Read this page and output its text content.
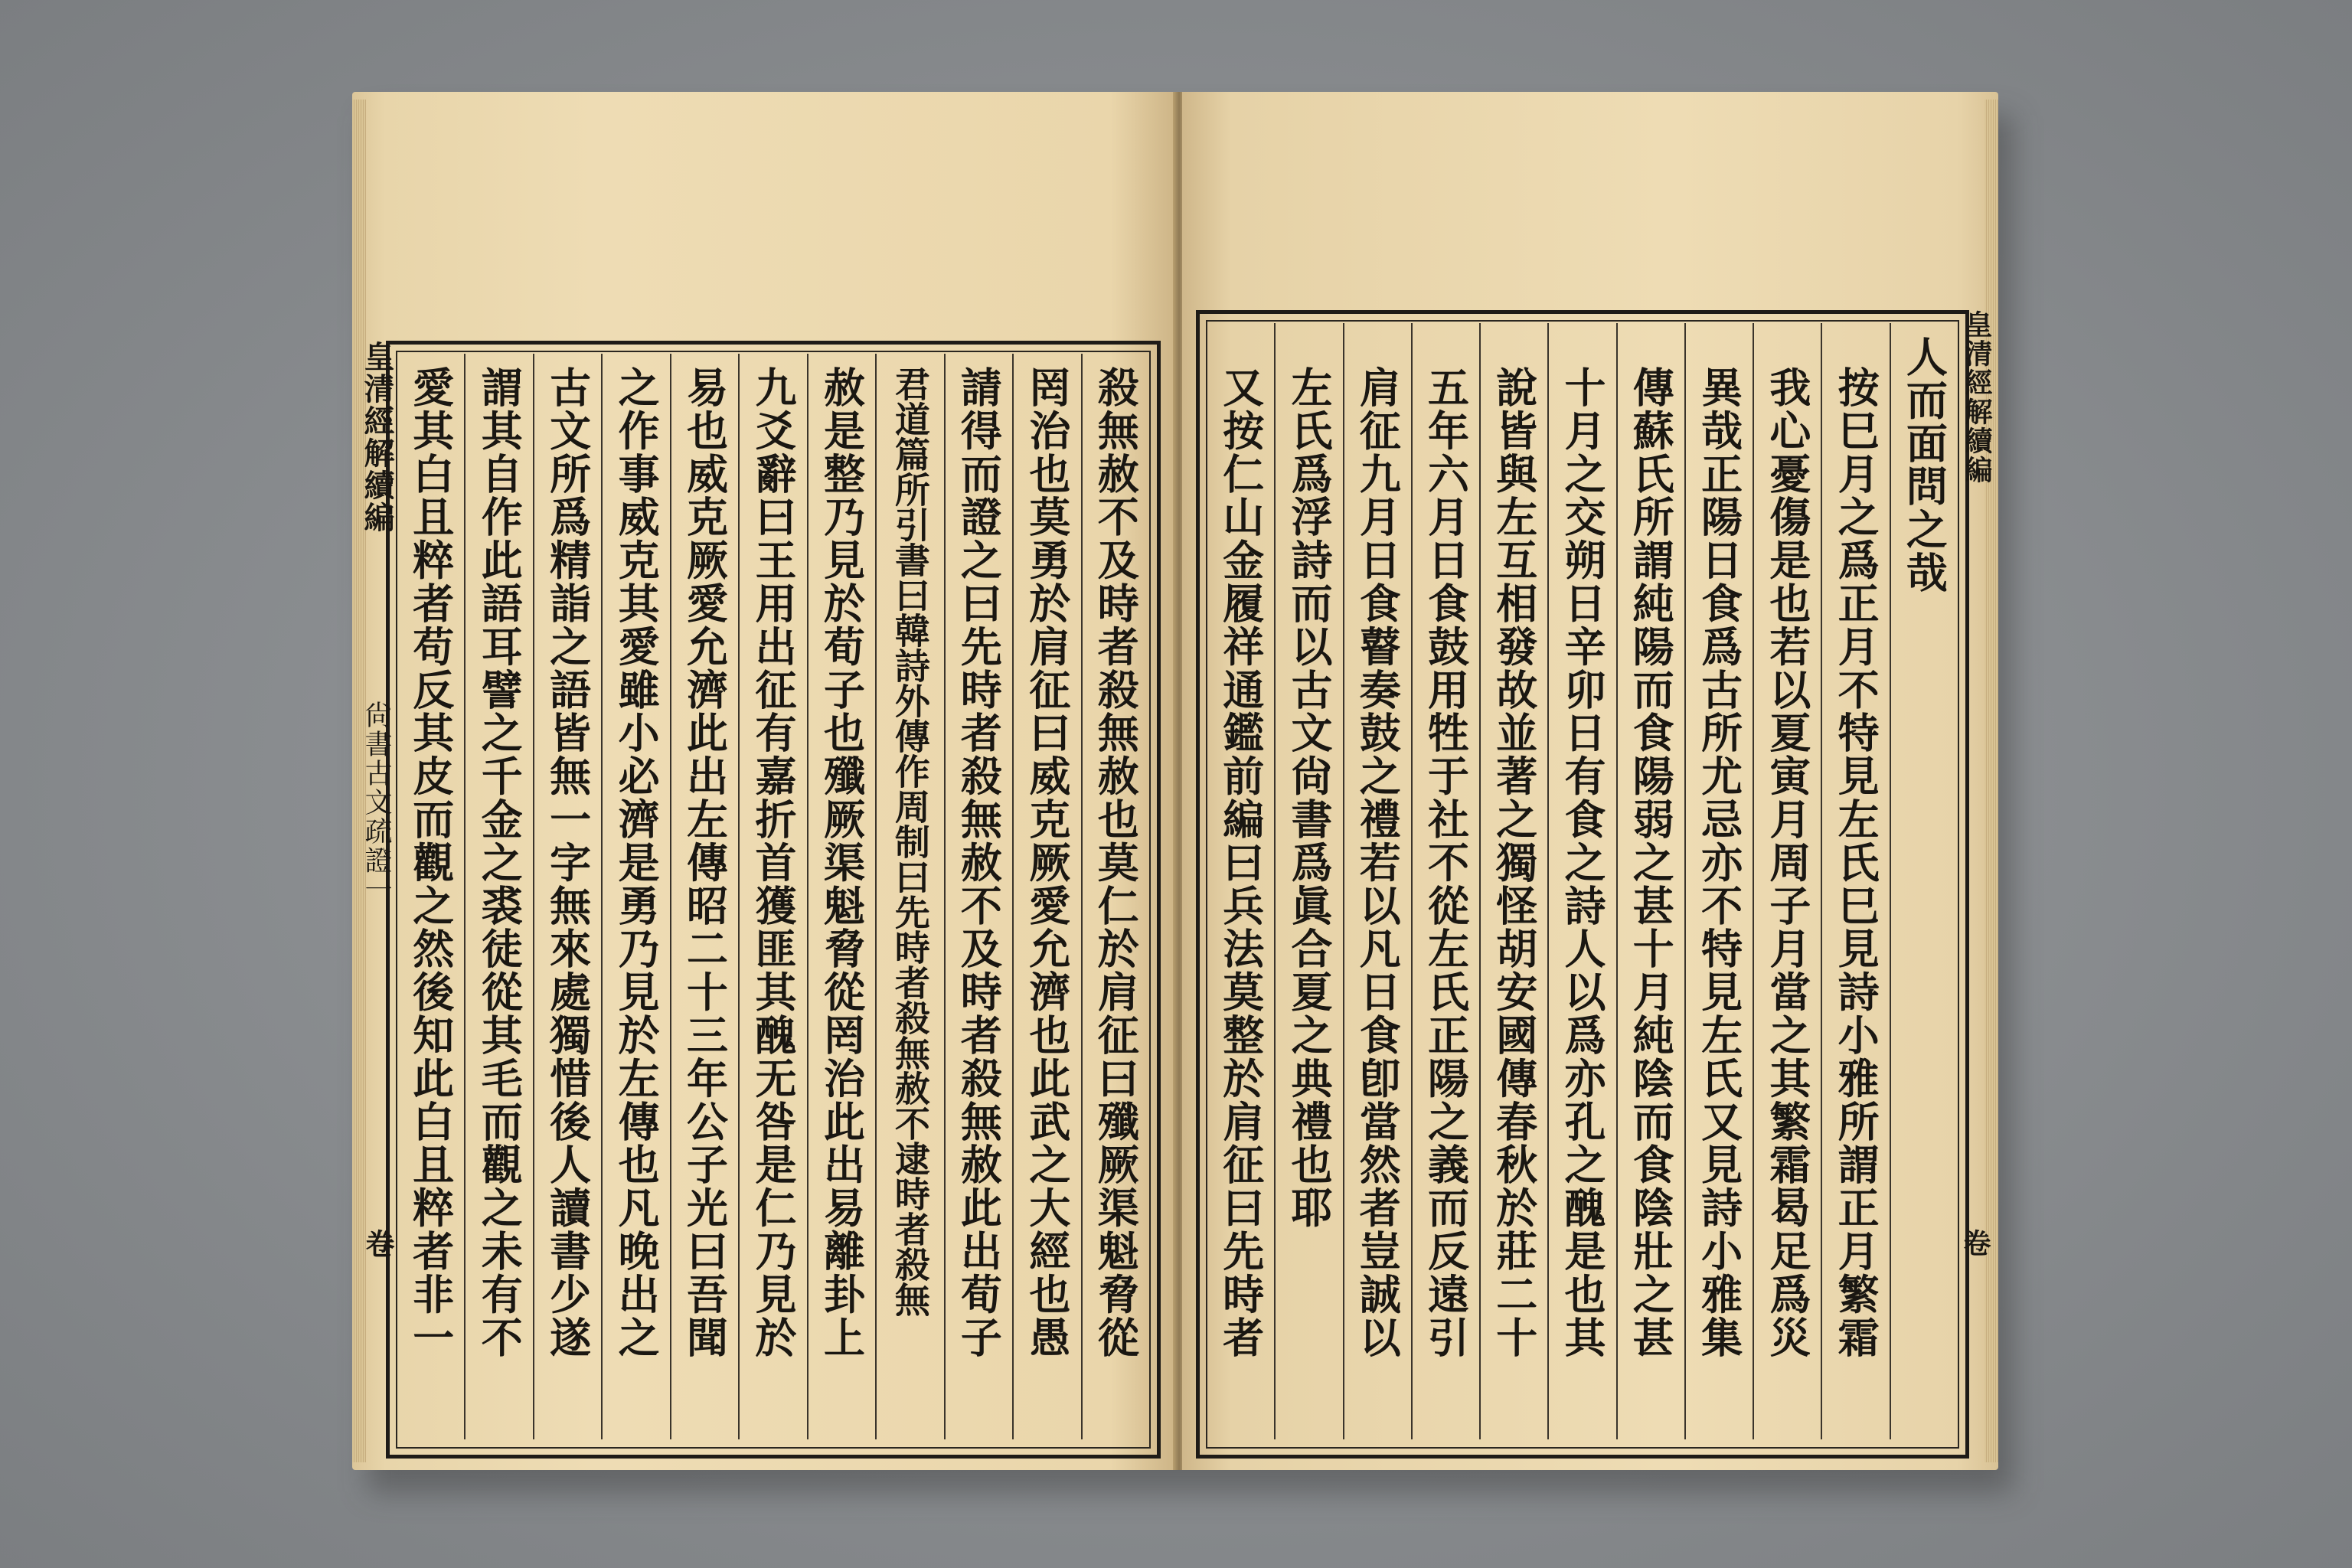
殺無赦不及時者殺無赦也莫仁於肩征曰殲厥渠魁脅從
罔治也莫勇於肩征曰威克厥愛允濟也此武之大經也愚
請得而證之曰先時者殺無赦不及時者殺無赦此出荀子
君道篇所引書曰韓詩外傳作周制曰先時者殺無赦不逮時者殺無
赦是整乃見於荀子也殲厥渠魁脅從罔治此出易離卦上
九爻辭曰王用出征有嘉折首獲匪其醜无咎是仁乃見於
易也威克厥愛允濟此出左傳昭二十三年公子光曰吾聞
之作事威克其愛雖小必濟是勇乃見於左傳也凡晚出之
古文所爲精詣之語皆無一字無來處獨惜後人讀書少遂
謂其自作此語耳譬之千金之裘徒從其毛而觀之未有不
愛其白且粹者苟反其皮而觀之然後知此白且粹者非一
皇清經解續編
尙書古文疏證一
卷
人而面問之哉
按巳月之爲正月不特見左氏巳見詩小雅所謂正月繁霜
我心憂傷是也若以夏寅月周子月當之其繁霜曷足爲災
異哉正陽日食爲古所尤忌亦不特見左氏又見詩小雅集
傳蘇氏所謂純陽而食陽弱之甚十月純陰而食陰壯之甚
十月之交朔日辛卯日有食之詩人以爲亦孔之醜是也其
說皆與左互相發故並著之獨怪胡安國傳春秋於莊二十
五年六月日食鼓用牲于社不從左氏正陽之義而反遠引
肩征九月日食瞽奏鼓之禮若以凡日食卽當然者豈誠以
左氏爲浮詩而以古文尙書爲眞合夏之典禮也耶
又按仁山金履祥通鑑前編曰兵法莫整於肩征曰先時者	皇清經解續編
卷
